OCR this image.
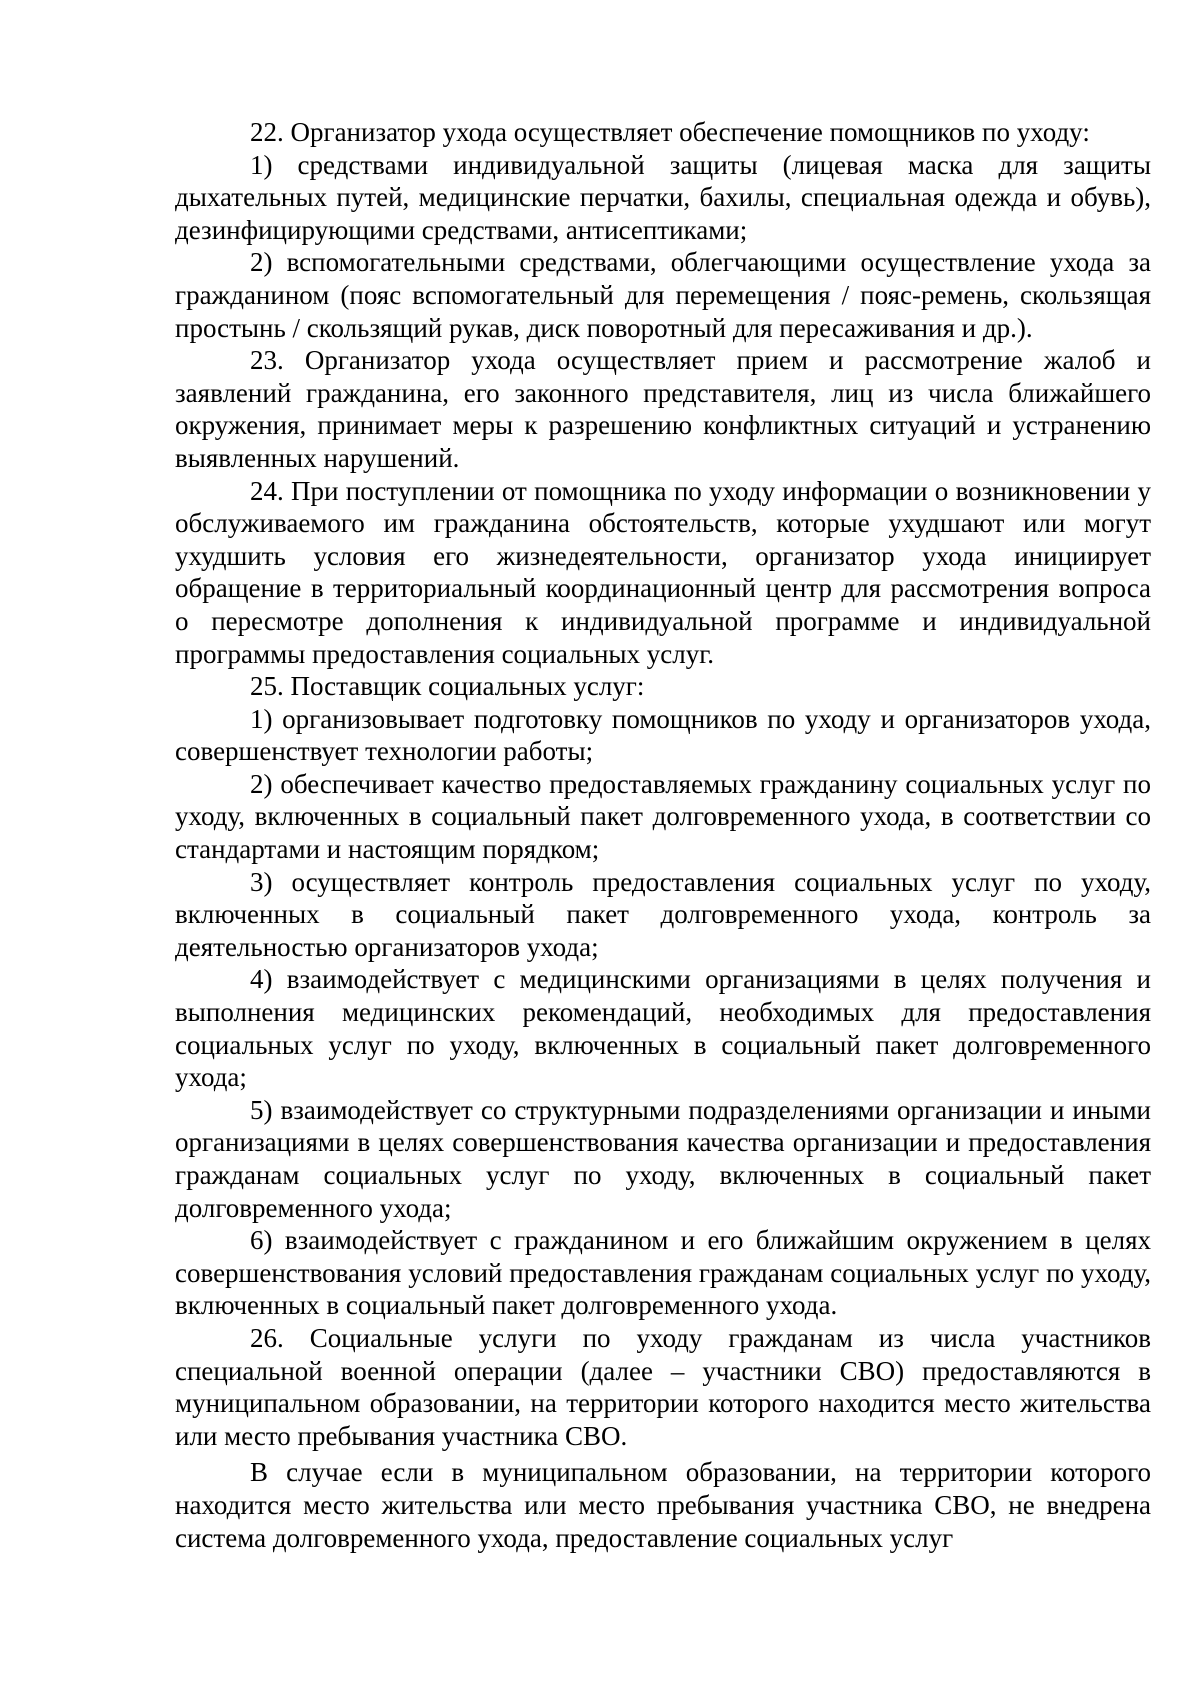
22. Организатор ухода осуществляет обеспечение помощников по уходу:

1) средствами индивидуальной защиты (лицевая маска для защиты дыхательных путей, медицинские перчатки, бахилы, специальная одежда и обувь), дезинфицирующими средствами, антисептиками;

2) вспомогательными средствами, облегчающими осуществление ухода за гражданином (пояс вспомогательный для перемещения / пояс-ремень, скользящая простынь / скользящий рукав, диск поворотный для пересаживания и др.).

23. Организатор ухода осуществляет прием и рассмотрение жалоб и заявлений гражданина, его законного представителя, лиц из числа ближайшего окружения, принимает меры к разрешению конфликтных ситуаций и устранению выявленных нарушений.

24. При поступлении от помощника по уходу информации о возникновении у обслуживаемого им гражданина обстоятельств, которые ухудшают или могут ухудшить условия его жизнедеятельности, организатор ухода инициирует обращение в территориальный координационный центр для рассмотрения вопроса о пересмотре дополнения к индивидуальной программе и индивидуальной программы предоставления социальных услуг.

25. Поставщик социальных услуг:

1) организовывает подготовку помощников по уходу и организаторов ухода, совершенствует технологии работы;

2) обеспечивает качество предоставляемых гражданину социальных услуг по уходу, включенных в социальный пакет долговременного ухода, в соответствии со стандартами и настоящим порядком;

3) осуществляет контроль предоставления социальных услуг по уходу, включенных в социальный пакет долговременного ухода, контроль за деятельностью организаторов ухода;

4) взаимодействует с медицинскими организациями в целях получения и выполнения медицинских рекомендаций, необходимых для предоставления социальных услуг по уходу, включенных в социальный пакет долговременного ухода;

5) взаимодействует со структурными подразделениями организации и иными организациями в целях совершенствования качества организации и предоставления гражданам социальных услуг по уходу, включенных в социальный пакет долговременного ухода;

6) взаимодействует с гражданином и его ближайшим окружением в целях совершенствования условий предоставления гражданам социальных услуг по уходу, включенных в социальный пакет долговременного ухода.

26. Социальные услуги по уходу гражданам из числа участников специальной военной операции (далее – участники СВО) предоставляются в муниципальном образовании, на территории которого находится место жительства или место пребывания участника СВО.

В случае если в муниципальном образовании, на территории которого находится место жительства или место пребывания участника СВО, не внедрена система долговременного ухода, предоставление социальных услуг
